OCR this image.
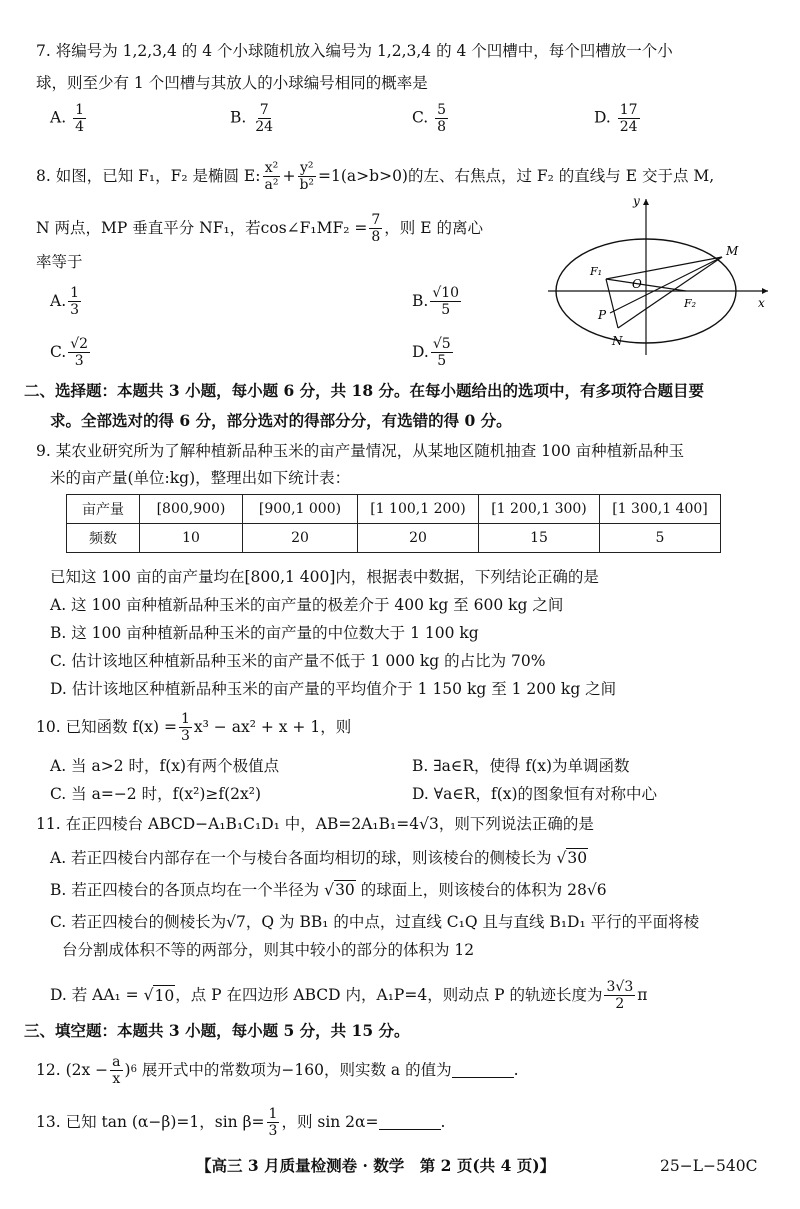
7. 将编号为 1,2,3,4 的 4 个小球随机放入编号为 1,2,3,4 的 4 个凹槽中，每个凹槽放一个小
球，则至少有 1 个凹槽与其放人的小球编号相同的概率是
A. $\frac{1}{4}$	B. $\frac{7}{24}$	C. $\frac{5}{8}$	D. $\frac{17}{24}$
8. 如图，已知 F₁，F₂ 是椭圆 E: $\frac{\text{x²}}{\text{a²}} + \frac{\text{y²}}{\text{b²}} =1(a>b>0)$的左、右焦点，过 F₂ 的直线与 E 交于点 M,
N 两点，MP 垂直平分 NF₁，若cos∠F₁MF₂ = $\frac{7}{8}$ ，则 E 的离心
率等于
A. $\frac{1}{3}$	B. $\frac{√10}{5}$
C. $\frac{√2}{3}$	D. $\frac{√5}{5}$
y
x
M
F₁
O
F₂
P
N
二、选择题：本题共 3 小题，每小题 6 分，共 18 分。在每小题给出的选项中，有多项符合题目要
求。全部选对的得 6 分，部分选对的得部分分，有选错的得 0 分。
9. 某农业研究所为了解种植新品种玉米的亩产量情况，从某地区随机抽查 100 亩种植新品种玉
米的亩产量(单位:kg)，整理出如下统计表：
亩产量	[800,900)	[900,1 000)	[1 100,1 200)	[1 200,1 300)	[1 300,1 400]
频数	10	20	20	15	5
已知这 100 亩的亩产量均在[800,1 400]内，根据表中数据，下列结论正确的是
A. 这 100 亩种植新品种玉米的亩产量的极差介于 400 kg 至 600 kg 之间
B. 这 100 亩种植新品种玉米的亩产量的中位数大于 1 100 kg
C. 估计该地区种植新品种玉米的亩产量不低于 1 000 kg 的占比为 70%
D. 估计该地区种植新品种玉米的亩产量的平均值介于 1 150 kg 至 1 200 kg 之间
10. 已知函数 $f(x) = \frac{1}{3} x^3 - ax^2 + x + 1$，则
A. 当 a>2 时，f(x)有两个极值点	B. ∃a∈R，使得 f(x)为单调函数
C. 当 a=−2 时，f(x²)≥f(2x²)	D. ∀a∈R，f(x)的图象恒有对称中心
11. 在正四棱台 ABCD−A₁B₁C₁D₁ 中，AB=2A₁B₁=4√3，则下列说法正确的是
A. 若正四棱台内部存在一个与棱台各面均相切的球，则该棱台的侧棱长为 √30
B. 若正四棱台的各顶点均在一个半径为 √30 的球面上，则该棱台的体积为 28√6
C. 若正四棱台的侧棱长为√7，Q 为 BB₁ 的中点，过直线 C₁Q 且与直线 B₁D₁ 平行的平面将棱
台分割成体积不等的两部分，则其中较小的部分的体积为 12
D. 若 AA₁ = √ 10 ，点 P 在四边形 ABCD 内，A₁P=4，则动点 P 的轨迹长度为 $\frac{3√3}{2}$ π
三、填空题：本题共 3 小题，每小题 5 分，共 15 分。
12.
($2x - \frac{a}{x}$ ) 6
展开式中的常数项为−160，则实数 a 的值为	.
13. 已知 tan (α−β)=1，$\sin \beta= \frac{1}{3}$ ，则 sin 2α=	.
【高三 3 月质量检测卷 · 数学　第 2 页(共 4 页)】	25−L−540C
